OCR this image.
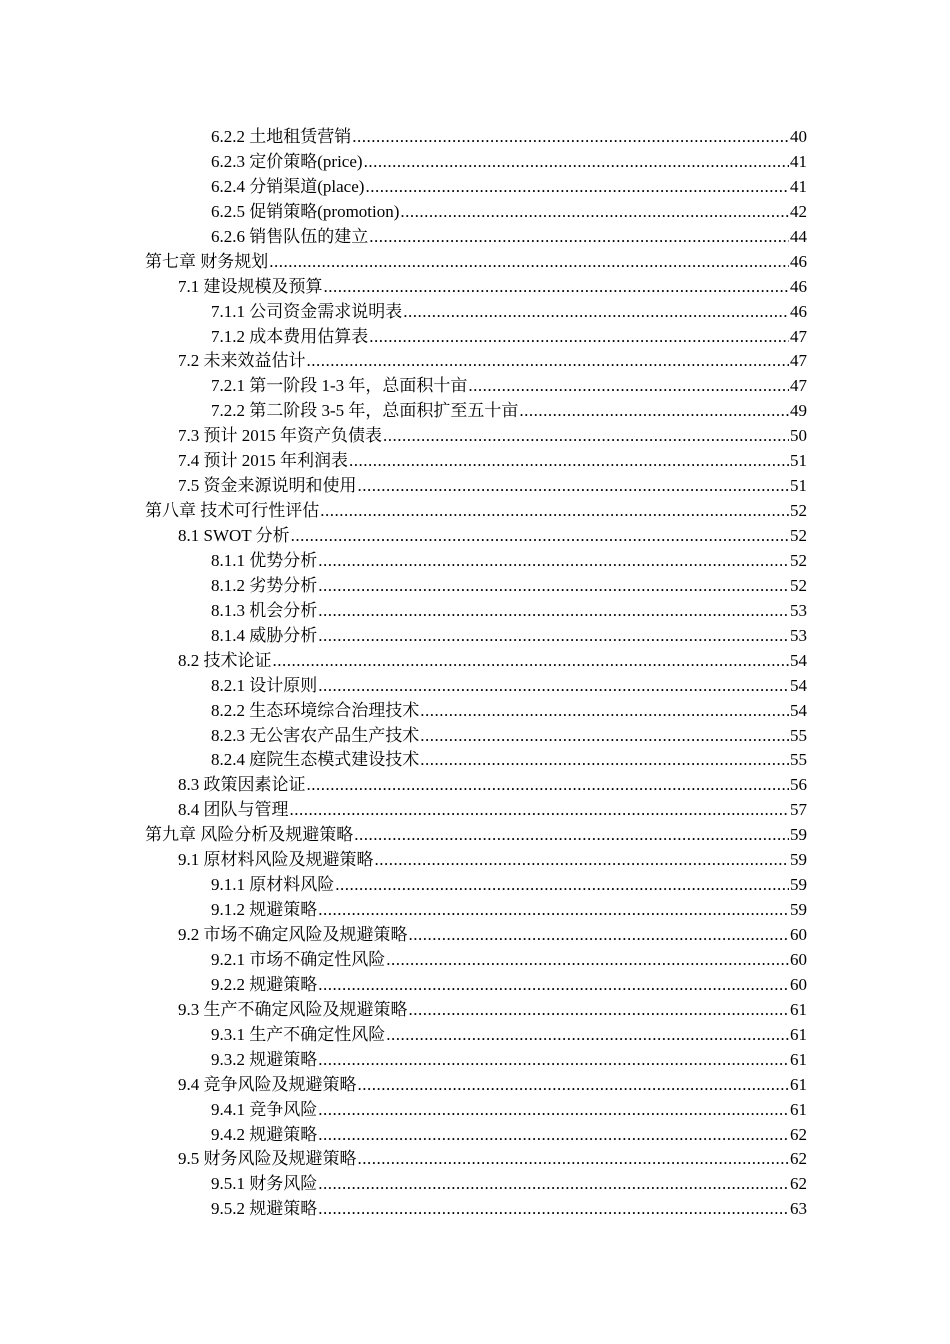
6.2.2 土地租赁营销 .....	40
6.2.3 定价策略(price) .....	41
6.2.4 分销渠道(place) .....	41
6.2.5 促销策略(promotion) .....	42
6.2.6 销售队伍的建立 .....	44
第七章 财务规划 .....	46
7.1 建设规模及预算 .....	46
7.1.1 公司资金需求说明表 .....	46
7.1.2 成本费用估算表 .....	47
7.2 未来效益估计 .....	47
7.2.1 第一阶段 1-3 年，总面积十亩 .....	47
7.2.2 第二阶段 3-5 年，总面积扩至五十亩 .....	49
7.3 预计 2015 年资产负债表 .....	50
7.4 预计 2015 年利润表 .....	51
7.5 资金来源说明和使用 .....	51
第八章 技术可行性评估 .....	52
8.1 SWOT 分析 .....	52
8.1.1 优势分析 .....	52
8.1.2 劣势分析 .....	52
8.1.3 机会分析 .....	53
8.1.4 威胁分析 .....	53
8.2 技术论证 .....	54
8.2.1 设计原则 .....	54
8.2.2 生态环境综合治理技术 .....	54
8.2.3 无公害农产品生产技术 .....	55
8.2.4 庭院生态模式建设技术 .....	55
8.3 政策因素论证 .....	56
8.4 团队与管理 .....	57
第九章 风险分析及规避策略 .....	59
9.1 原材料风险及规避策略 .....	59
9.1.1 原材料风险 .....	59
9.1.2 规避策略 .....	59
9.2 市场不确定风险及规避策略 .....	60
9.2.1 市场不确定性风险 .....	60
9.2.2 规避策略 .....	60
9.3 生产不确定风险及规避策略 .....	61
9.3.1 生产不确定性风险 .....	61
9.3.2 规避策略 .....	61
9.4 竞争风险及规避策略 .....	61
9.4.1 竞争风险 .....	61
9.4.2 规避策略 .....	62
9.5 财务风险及规避策略 .....	62
9.5.1 财务风险 .....	62
9.5.2 规避策略 .....	63
